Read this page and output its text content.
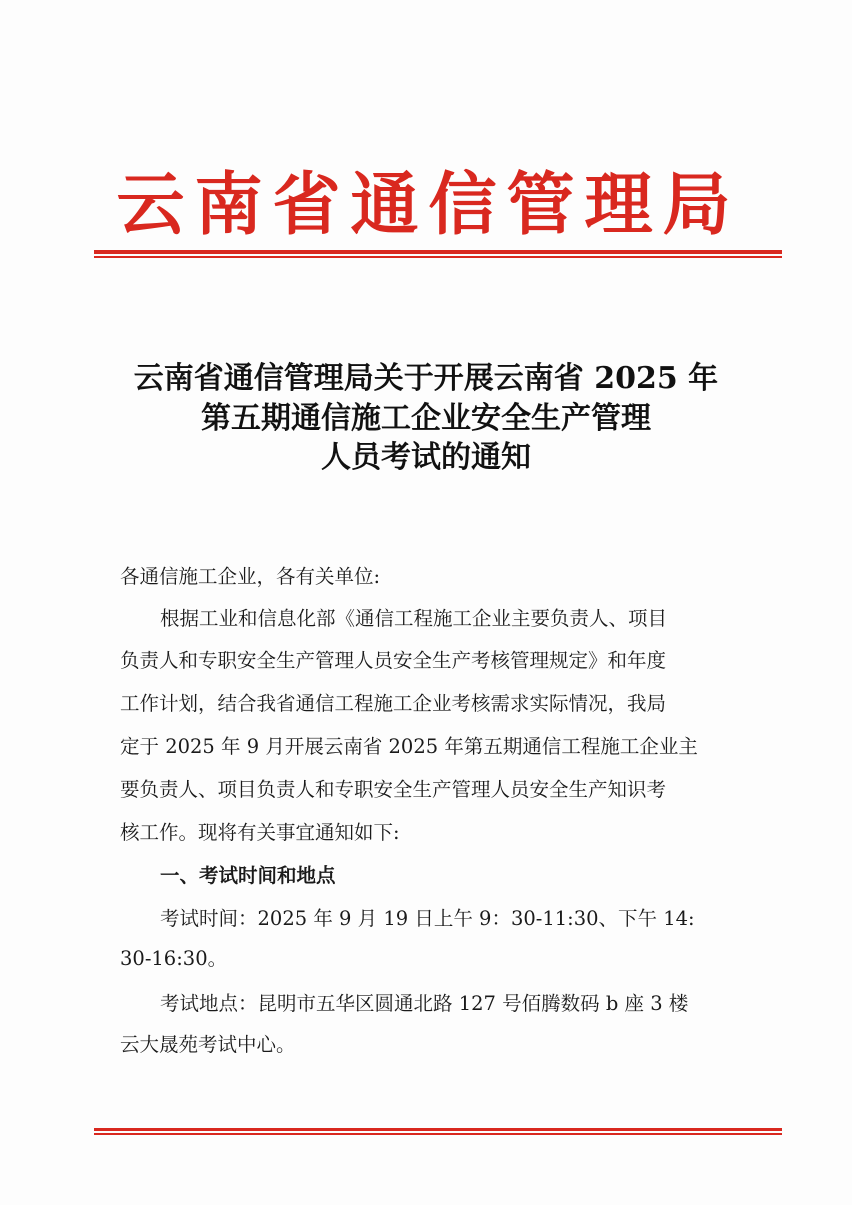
云南省通信管理局
云南省通信管理局关于开展云南省 2025 年
第五期通信施工企业安全生产管理
人员考试的通知
各通信施工企业，各有关单位:
根据工业和信息化部《通信工程施工企业主要负责人、项目
负责人和专职安全生产管理人员安全生产考核管理规定》和年度
工作计划，结合我省通信工程施工企业考核需求实际情况，我局
定于 2025 年 9 月开展云南省 2025 年第五期通信工程施工企业主
要负责人、项目负责人和专职安全生产管理人员安全生产知识考
核工作。现将有关事宜通知如下:
一、考试时间和地点
考试时间：2025 年 9 月 19 日上午 9：30-11:30、下午 14:
30-16:30。
考试地点：昆明市五华区圆通北路 127 号佰腾数码 b 座 3 楼
云大晟苑考试中心。
